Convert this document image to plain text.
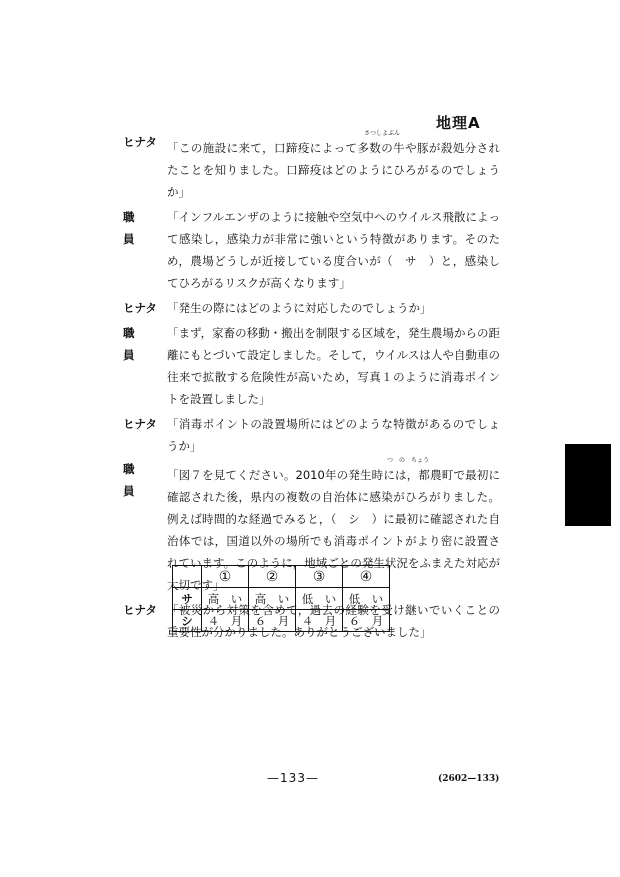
地理A
ヒナタ
さつしよぶん
「この施設に来て，口蹄疫によって多数の牛や豚が殺処分されたことを知りました。口蹄疫はどのようにひろがるのでしょうか」
職員
「インフルエンザのように接触や空気中へのウイルス飛散によって感染し，感染力が非常に強いという特徴があります。そのため，農場どうしが近接している度合いが（　サ　）と，感染してひろがるリスクが高くなります」
ヒナタ 「発生の際にはどのように対応したのでしょうか」
職員
「まず，家畜の移動・搬出を制限する区域を，発生農場からの距離にもとづいて設定しました。そして，ウイルスは人や自動車の往来で拡散する危険性が高いため，写真１のように消毒ポイントを設置しました」
ヒナタ 「消毒ポイントの設置場所にはどのような特徴があるのでしょうか」
職員
つ　の　ちょう
「図７を見てください。2010年の発生時には，都農町で最初に確認された後，県内の複数の自治体に感染がひろがりました。例えば時間的な経過でみると，（　シ　）に最初に確認された自治体では，国道以外の場所でも消毒ポイントがより密に設置されています。このように，地域ごとの発生状況をふまえた対応が大切です」
ヒナタ 「被災から対策を含めて，過去の経験を受け継いでいくことの重要性が分かりました。ありがとうございました」
	①	②	③	④
サ	高　い	高　い	低　い	低　い
シ	４　月	６　月	４　月	６　月
—133—	(2602—133)
